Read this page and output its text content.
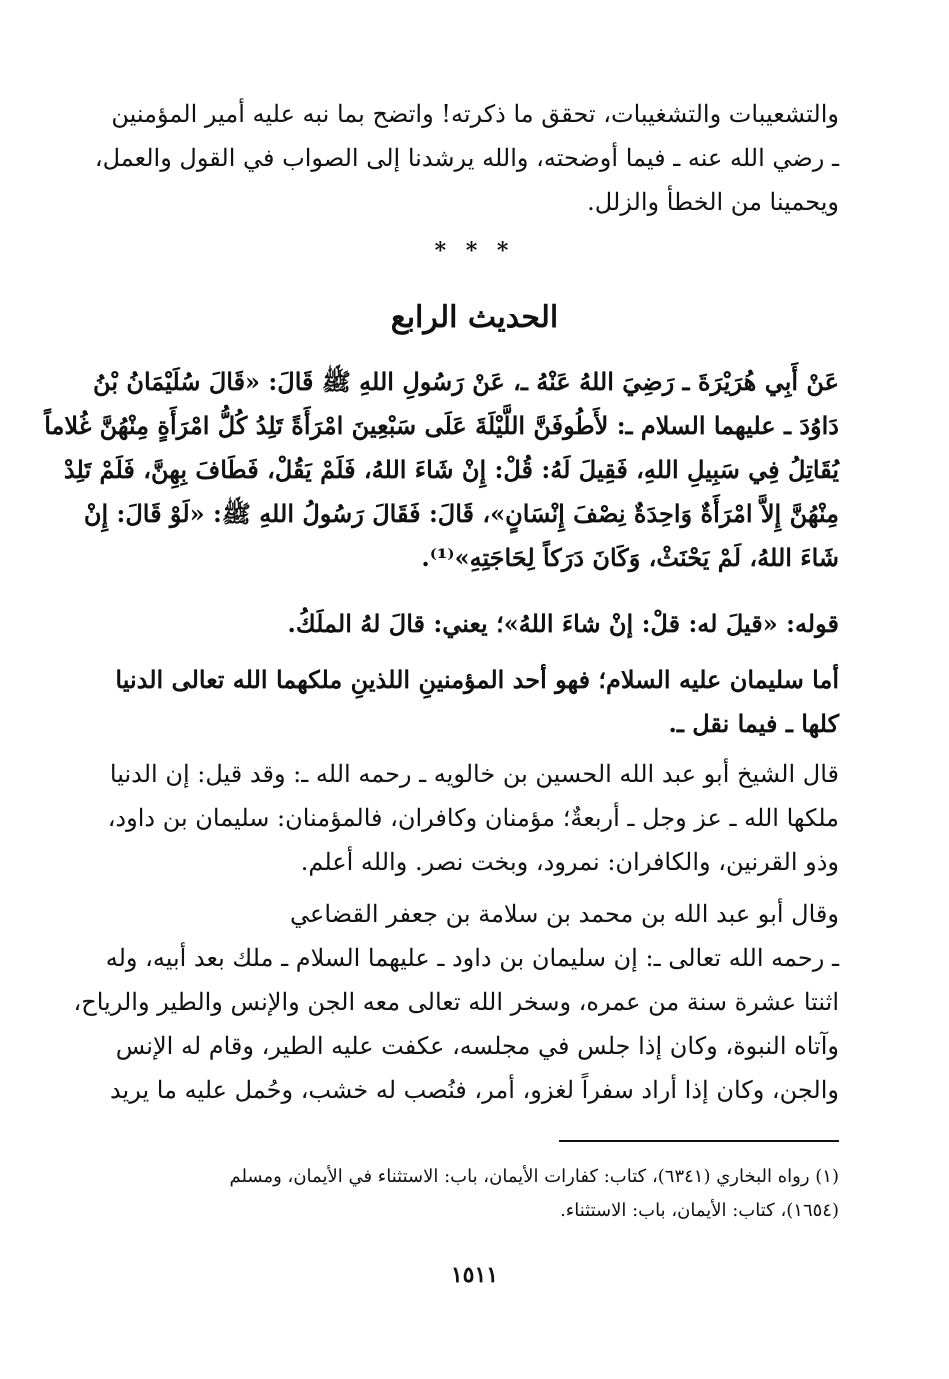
والتشعيبات والتشغيبات، تحقق ما ذكرته! واتضح بما نبه عليه أمير المؤمنين
ـ رضي الله عنه ـ فيما أوضحته، والله يرشدنا إلى الصواب في القول والعمل،
ويحمينا من الخطأ والزلل.
* * *
الحديث الرابع
عَنْ أَبِي هُرَيْرَةَ ـ رَضِيَ اللهُ عَنْهُ ـ، عَنْ رَسُولِ اللهِ ﷺ قَالَ: «قَالَ سُلَيْمَانُ بْنُ
دَاوُدَ ـ عليهما السلام ـ: لأَطُوفَنَّ اللَّيْلَةَ عَلَى سَبْعِينَ امْرَأَةً تَلِدُ كُلُّ امْرَأَةٍ مِنْهُنَّ غُلاماً
يُقَاتِلُ فِي سَبِيلِ اللهِ، فَقِيلَ لَهُ: قُلْ: إِنْ شَاءَ اللهُ، فَلَمْ يَقُلْ، فَطَافَ بِهِنَّ، فَلَمْ تَلِدْ
مِنْهُنَّ إِلاَّ امْرَأَةٌ وَاحِدَةٌ نِصْفَ إِنْسَانٍ»، قَالَ: فَقَالَ رَسُولُ اللهِ ﷺ: «لَوْ قَالَ: إِنْ
شَاءَ اللهُ، لَمْ يَحْنَثْ، وَكَانَ دَرَكاً لِحَاجَتِهِ»⁽¹⁾.
قوله: «قيلَ له: قلْ: إنْ شاءَ اللهُ»؛ يعني: قالَ لهُ الملَكُ.
أما سليمان عليه السلام؛ فهو أحد المؤمنينِ اللذينِ ملكهما الله تعالى الدنيا
كلها ـ فيما نقل ـ.
قال الشيخ أبو عبد الله الحسين بن خالويه ـ رحمه الله ـ: وقد قيل: إن الدنيا
ملكها الله ـ عز وجل ـ أربعةٌ؛ مؤمنان وكافران، فالمؤمنان: سليمان بن داود،
وذو القرنين، والكافران: نمرود، وبخت نصر. والله أعلم.
وقال أبو عبد الله بن محمد بن سلامة بن جعفر القضاعي
ـ رحمه الله تعالى ـ: إن سليمان بن داود ـ عليهما السلام ـ ملك بعد أبيه، وله
اثنتا عشرة سنة من عمره، وسخر الله تعالى معه الجن والإنس والطير والرياح،
وآتاه النبوة، وكان إذا جلس في مجلسه، عكفت عليه الطير، وقام له الإنس
والجن، وكان إذا أراد سفراً لغزو، أمر، فنُصب له خشب، وحُمل عليه ما يريد
(١) رواه البخاري (٦٣٤١)، كتاب: كفارات الأيمان، باب: الاستثناء في الأيمان، ومسلم
(١٦٥٤)، كتاب: الأيمان، باب: الاستثناء.
١٥١١
